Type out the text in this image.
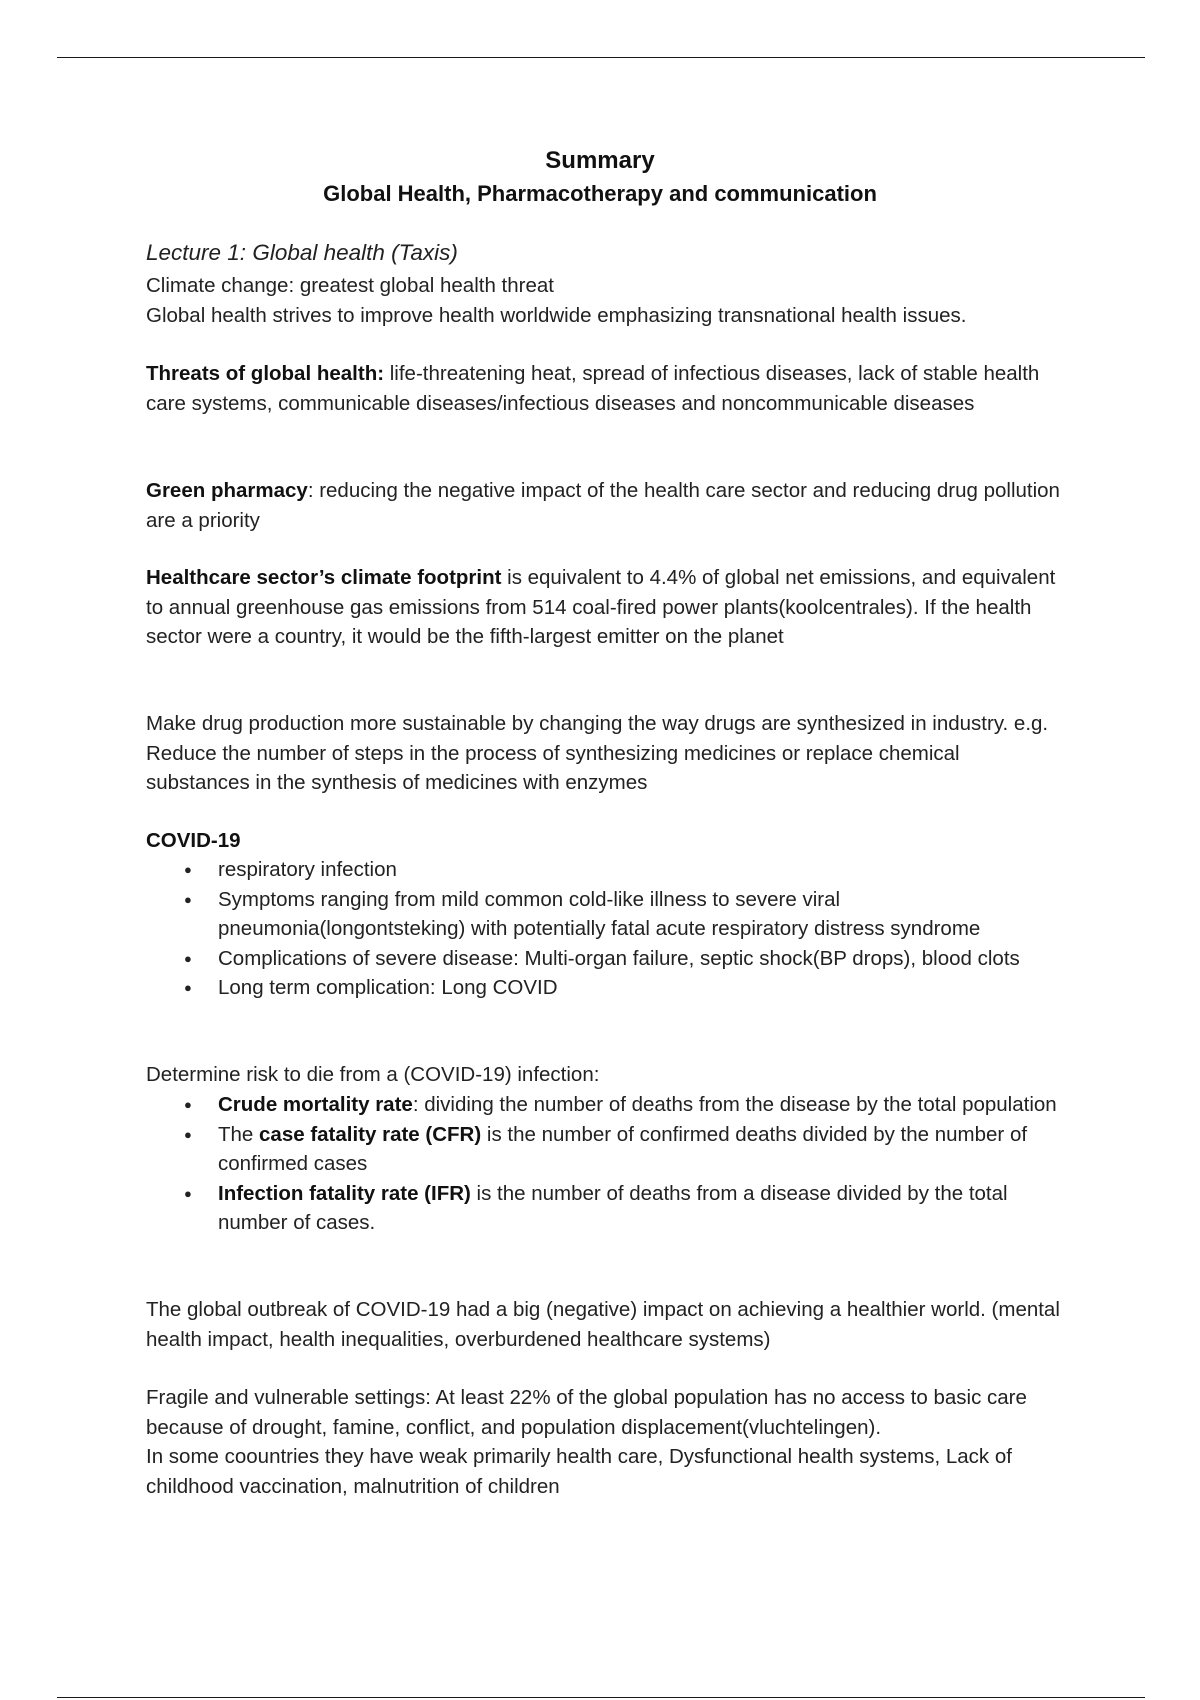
Summary
Global Health, Pharmacotherapy and communication
Lecture 1: Global health (Taxis)

Climate change: greatest global health threat

Global health strives to improve health worldwide emphasizing transnational health issues.

Threats of global health: life-threatening heat, spread of infectious diseases, lack of stable health care systems, communicable diseases/infectious diseases and noncommunicable diseases

Green pharmacy: reducing the negative impact of the health care sector and reducing drug pollution are a priority

Healthcare sector’s climate footprint is equivalent to 4.4% of global net emissions, and equivalent to annual greenhouse gas emissions from 514 coal-fired power plants(koolcentrales). If the health sector were a country, it would be the fifth-largest emitter on the planet

Make drug production more sustainable by changing the way drugs are synthesized in industry. e.g. Reduce the number of steps in the process of synthesizing medicines or replace chemical substances in the synthesis of medicines with enzymes

COVID-19

● respiratory infection
● Symptoms ranging from mild common cold-like illness to severe viral pneumonia(longontsteking) with potentially fatal acute respiratory distress syndrome
● Complications of severe disease: Multi-organ failure, septic shock(BP drops), blood clots
● Long term complication: Long COVID

Determine risk to die from a (COVID-19) infection:

● Crude mortality rate: dividing the number of deaths from the disease by the total population
● The case fatality rate (CFR) is the number of confirmed deaths divided by the number of confirmed cases
● Infection fatality rate (IFR) is the number of deaths from a disease divided by the total number of cases.

The global outbreak of COVID-19 had a big (negative) impact on achieving a healthier world. (mental health impact, health inequalities, overburdened healthcare systems)

Fragile and vulnerable settings: At least 22% of the global population has no access to basic care because of drought, famine, conflict, and population displacement(vluchtelingen).

In some coountries they have weak primarily health care, Dysfunctional health systems, Lack of childhood vaccination, malnutrition of children
